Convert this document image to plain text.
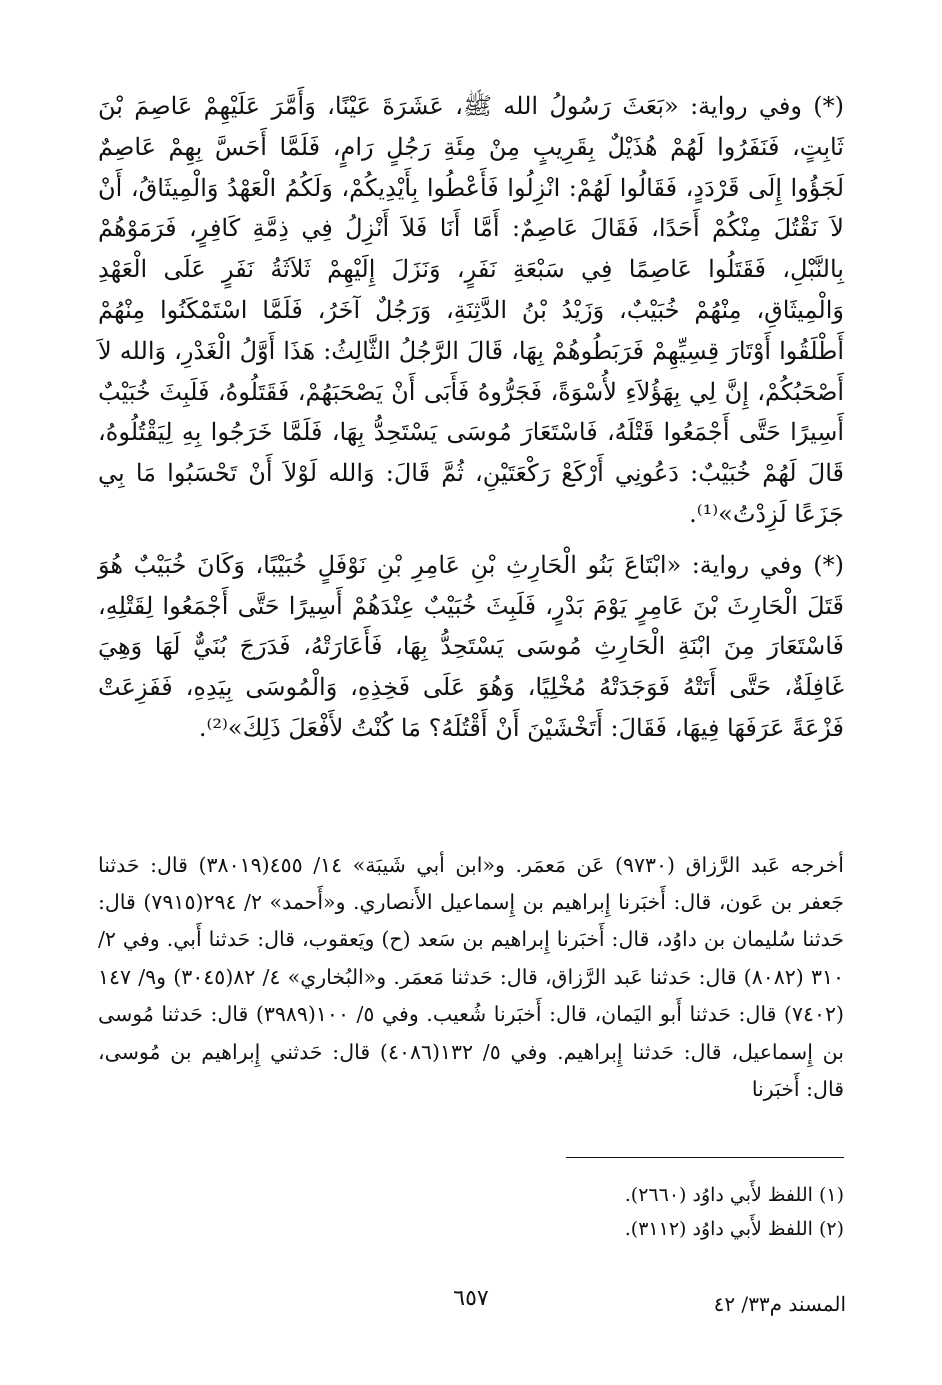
(*) وفي رواية: «بَعَثَ رَسُولُ الله ﷺ، عَشَرَةَ عَيْنًا، وَأَمَّرَ عَلَيْهِمْ عَاصِمَ بْنَ ثَابِتٍ، فَنَفَرُوا لَهُمْ هُذَيْلٌ بِقَرِيبٍ مِنْ مِئَةِ رَجُلٍ رَامٍ، فَلَمَّا أَحَسَّ بِهِمْ عَاصِمٌ لَجَؤُوا إِلَى قَرْدَدٍ، فَقَالُوا لَهُمْ: انْزِلُوا فَأَعْطُوا بِأَيْدِيكُمْ، وَلَكُمُ الْعَهْدُ وَالْمِيثَاقُ، أَنْ لاَ نَقْتُلَ مِنْكُمْ أَحَدًا، فَقَالَ عَاصِمٌ: أَمَّا أَنَا فَلاَ أَنْزِلُ فِي ذِمَّةِ كَافِرٍ، فَرَمَوْهُمْ بِالنَّبْلِ، فَقَتَلُوا عَاصِمًا فِي سَبْعَةِ نَفَرٍ، وَنَزَلَ إِلَيْهِمْ ثَلاَثَةُ نَفَرٍ عَلَى الْعَهْدِ وَالْمِيثَاقِ، مِنْهُمْ خُبَيْبٌ، وَزَيْدُ بْنُ الدَّثِنَةِ، وَرَجُلٌ آخَرُ، فَلَمَّا اسْتَمْكَنُوا مِنْهُمْ أَطْلَقُوا أَوْتَارَ قِسِيِّهِمْ فَرَبَطُوهُمْ بِهَا، قَالَ الرَّجُلُ الثَّالِثُ: هَذَا أَوَّلُ الْغَدْرِ، وَالله لاَ أَصْحَبُكُمْ، إِنَّ لِي بِهَؤُلاَءِ لأُسْوَةً، فَجَرُّوهُ فَأَبَى أَنْ يَصْحَبَهُمْ، فَقَتَلُوهُ، فَلَبِثَ خُبَيْبٌ أَسِيرًا حَتَّى أَجْمَعُوا قَتْلَهُ، فَاسْتَعَارَ مُوسَى يَسْتَحِدُّ بِهَا، فَلَمَّا خَرَجُوا بِهِ لِيَقْتُلُوهُ، قَالَ لَهُمْ خُبَيْبٌ: دَعُونِي أَرْكَعْ رَكْعَتَيْنِ، ثُمَّ قَالَ: وَالله لَوْلاَ أَنْ تَحْسَبُوا مَا بِي جَزَعًا لَزِدْتُ»⁽¹⁾.

(*) وفي رواية: «ابْتَاعَ بَنُو الْحَارِثِ بْنِ عَامِرِ بْنِ نَوْفَلٍ خُبَيْبًا، وَكَانَ خُبَيْبٌ هُوَ قَتَلَ الْحَارِثَ بْنَ عَامِرٍ يَوْمَ بَدْرٍ، فَلَبِثَ خُبَيْبٌ عِنْدَهُمْ أَسِيرًا حَتَّى أَجْمَعُوا لِقَتْلِهِ، فَاسْتَعَارَ مِنَ ابْنَةِ الْحَارِثِ مُوسَى يَسْتَحِدُّ بِهَا، فَأَعَارَتْهُ، فَدَرَجَ بُنَيٌّ لَهَا وَهِيَ غَافِلَةٌ، حَتَّى أَتَتْهُ فَوَجَدَتْهُ مُخْلِيًا، وَهُوَ عَلَى فَخِذِهِ، وَالْمُوسَى بِيَدِهِ، فَفَزِعَتْ فَزْعَةً عَرَفَهَا فِيهَا، فَقَالَ: أَتَخْشَيْنَ أَنْ أَقْتُلَهُ؟ مَا كُنْتُ لأَفْعَلَ ذَلِكَ»⁽²⁾.

أخرجه عَبد الرَّزاق (٩٧٣٠) عَن مَعمَر. و«ابن أبي شَيبَة» ١٤/ ٤٥٥(٣٨٠١٩) قال: حَدثنا جَعفر بن عَون، قال: أَخبَرنا إِبراهيم بن إِسماعيل الأَنصاري. و«أَحمد» ٢/ ٢٩٤(٧٩١٥) قال: حَدثنا سُليمان بن داوُد، قال: أَخبَرنا إِبراهيم بن سَعد (ح) ويَعقوب، قال: حَدثنا أَبي. وفي ٢/ ٣١٠ (٨٠٨٢) قال: حَدثنا عَبد الرَّزاق، قال: حَدثنا مَعمَر. و«البُخاري» ٤/ ٨٢(٣٠٤٥) و٩/ ١٤٧ (٧٤٠٢) قال: حَدثنا أَبو اليَمان، قال: أَخبَرنا شُعيب. وفي ٥/ ١٠٠(٣٩٨٩) قال: حَدثنا مُوسى بن إِسماعيل، قال: حَدثنا إِبراهيم. وفي ٥/ ١٣٢(٤٠٨٦) قال: حَدثني إِبراهيم بن مُوسى، قال: أَخبَرنا

(١) اللفظ لأَبي داوُد (٢٦٦٠).

(٢) اللفظ لأَبي داوُد (٣١١٢).

٦٥٧	المسند م٣٣/ ٤٢
